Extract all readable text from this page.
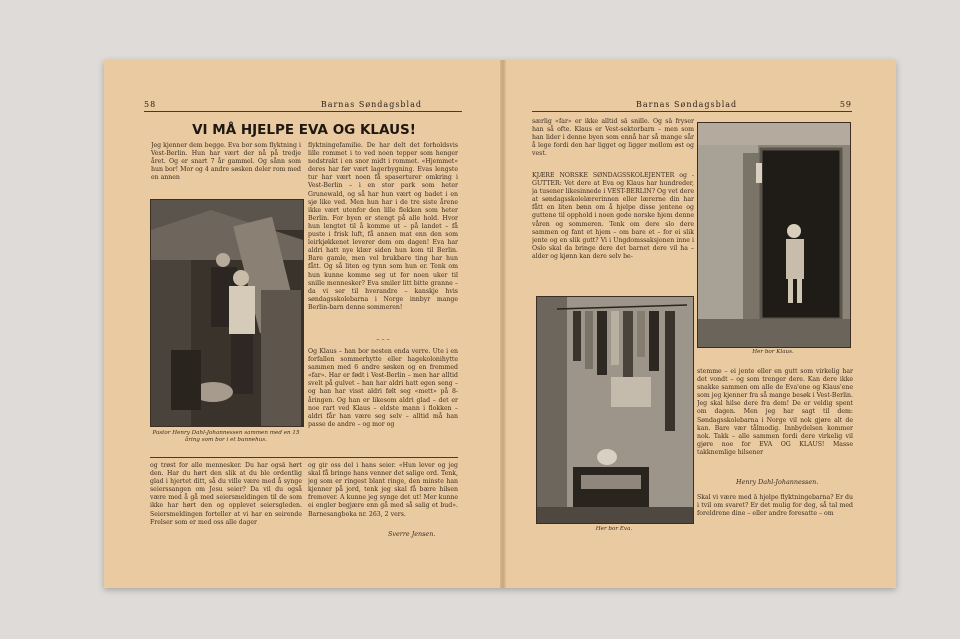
58	Barnas Søndagsblad
VI MÅ HJELPE EVA OG KLAUS!
Jeg kjenner dem begge. Eva bor som flyktning i Vest-Berlin. Hun har vært der nå på tredje året. Og er snart 7 år gammel. Og sånn som hun bor! Mor og 4 andre søsken deler rom med en annen
Pastor Henry Dahl-Johannessen sammen med en 15 åring som bor i et bunnehus.
flyktningefamilie. De har delt det forholdsvis lille rommet i to ved noen tepper som henger nedstrakt i en snor midt i rommet. «Hjemmet» deres har før vært lagerbygning. Evas lengste tur har vært noen få spaserturer omkring i Vest-Berlin – i en stor park som heter Grunewald, og så har hun vært og badet i en sjø like ved. Men hun har i de tre siste årene ikke vært utenfor den lille flekken som heter Berlin. For byen er stengt på alle hold. Hvor hun lengtet til å komme ut – på landet – få puste i frisk luft, få annen mat enn den som leirkjøkkenet leverer dem om dagen! Eva har aldri hatt nye klær siden hun kom til Berlin. Bare gamle, men vel brukbare ting har hun fått. Og så liten og tynn som hun er. Tenk om hun kunne komme seg ut for noen uker til snille mennesker? Eva smiler litt bitte granne – da vi ser til hverandre – kanskje hvis søndagsskolebarna i Norge innbyr mange Berlin-barn denne sommeren!
– – –
Og Klaus – han bor nesten enda verre. Ute i en forfallen sommerhytte eller hagekolonihytte sammen med 6 andre søsken og en fremmed «far». Har er født i Vest-Berlin – men har alltid svelt på gulvet – han har aldri hatt egen seng – og han har visst aldri følt seg «mett» på 8-åringen. Og han er likesom aldri glad – det er noe rart ved Klaus – eldste mann i flokken – aldri får han være seg selv – alltid må han passe de andre – og mor og
og trøst for alle mennesker. Du har også hørt den. Har du hørt den slik at du ble ordentlig glad i hjertet ditt, så du ville være med å synge seierssangen om Jesu seier? Da vil du også være med å gå med seiersmeldingen til de som ikke har hørt den og opplevet seiersgleden. Seiersmeldingen forteller at vi har en seirende Frelser som er med oss alle dager
og gir oss del i hans seier. «Hun lever og jeg skal få bringe hans venner det salige ord. Tenk, jeg som er ringest blant ringe, den minste han kjenner på jord, tenk jeg skal få bære hilsen fremover. A kunne jeg synge det ut! Mer kunne ei engler begjære enn gå med så salig et bud». Barnesangboka nr. 263, 2 vers.
Sverre Jensen.
Barnas Søndagsblad	59
særlig «far» er ikke alltid så snille. Og så fryser han så ofte. Klaus er Vest-sektorbarn – men som han lider i denne byen som ennå har så mange sår å lege fordi den har ligget og ligger mellom øst og vest.
KJÆRE NORSKE SØNDAGSSKOLEJENTER og -GUTTER: Vet dere at Eva og Klaus har hundreder, ja tusener likesinnede i VEST-BERLIN? Og vet dere at søndagsskolelærerinnen eller lærerne din har fått en liten bønn om å hjelpe disse jentene og guttene til opphold i noen gode norske hjem denne våren og sommeren. Tenk om dere slo dere sammen og fant et hjem – om bare et – for ei slik jente og en slik gutt? Vi i Ungdomssaksjonen inne i Oslo skal da bringe dere det barnet dere vil ha – alder og kjønn kan dere selv be-
Her bor Klaus.
Her bor Eva.
stemme – ei jente eller en gutt som virkelig har det vondt – og som trenger dere. Kan dere ikke snakke sammen om alle de Eva'ene og Klaus'ene som jeg kjenner fra så mange besøk i Vest-Berlin. Jeg skal hilse dere fra dem! De er veldig spent om dagen. Men jeg har sagt til dem: Søndagsskolebarna i Norge vil nok gjøre alt de kan. Bare vær tålmodig. Innbydelsen kommer nok. Takk – alle sammen fordi dere virkelig vil gjøre noe for EVA OG KLAUS! Masse takknemlige hilsener
Henry Dahl-Johannessen.
Skal vi være med å hjelpe flyktningebarna? Er du i tvil om svaret? Er det mulig for deg, så tal med foreldrene dine – eller andre foresatte – om
